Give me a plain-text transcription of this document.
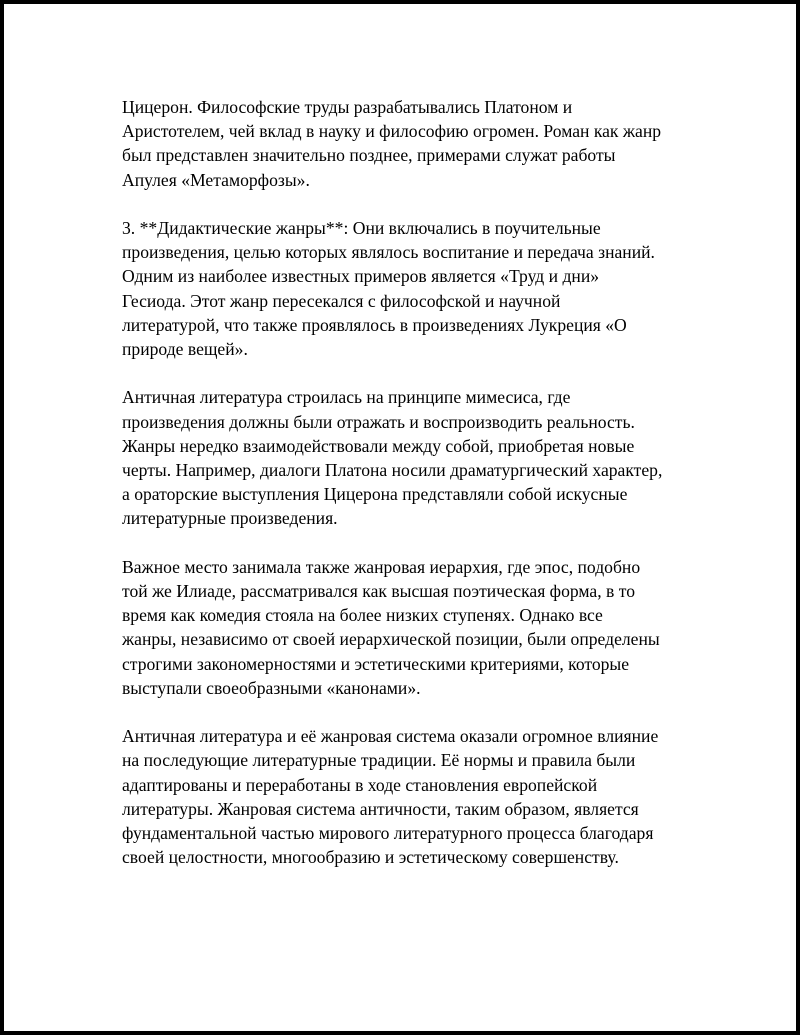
Цицерон. Философские труды разрабатывались Платоном и
Аристотелем, чей вклад в науку и философию огромен. Роман как жанр
был представлен значительно позднее, примерами служат работы
Апулея «Метаморфозы».

3. **Дидактические жанры**: Они включались в поучительные
произведения, целью которых являлось воспитание и передача знаний.
Одним из наиболее известных примеров является «Труд и дни»
Гесиода. Этот жанр пересекался с философской и научной
литературой, что также проявлялось в произведениях Лукреция «О
природе вещей».

Античная литература строилась на принципе мимесиса, где
произведения должны были отражать и воспроизводить реальность.
Жанры нередко взаимодействовали между собой, приобретая новые
черты. Например, диалоги Платона носили драматургический характер,
а ораторские выступления Цицерона представляли собой искусные
литературные произведения.

Важное место занимала также жанровая иерархия, где эпос, подобно
той же Илиаде, рассматривался как высшая поэтическая форма, в то
время как комедия стояла на более низких ступенях. Однако все
жанры, независимо от своей иерархической позиции, были определены
строгими закономерностями и эстетическими критериями, которые
выступали своеобразными «канонами».

Античная литература и её жанровая система оказали огромное влияние
на последующие литературные традиции. Её нормы и правила были
адаптированы и переработаны в ходе становления европейской
литературы. Жанровая система античности, таким образом, является
фундаментальной частью мирового литературного процесса благодаря
своей целостности, многообразию и эстетическому совершенству.
